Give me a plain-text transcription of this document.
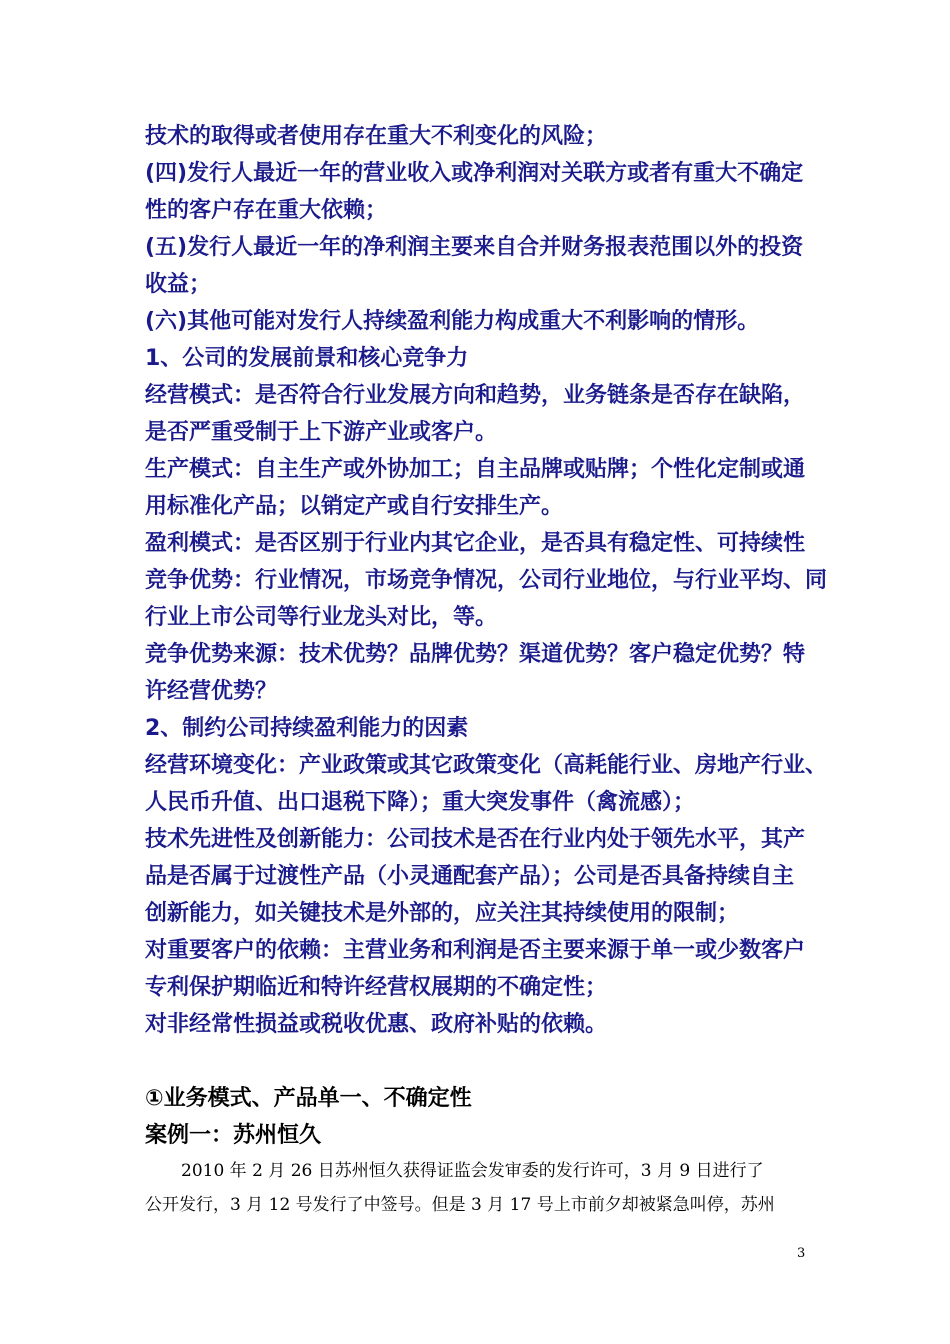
技术的取得或者使用存在重大不利变化的风险；
(四)发行人最近一年的营业收入或净利润对关联方或者有重大不确定
性的客户存在重大依赖；
(五)发行人最近一年的净利润主要来自合并财务报表范围以外的投资
收益；
(六)其他可能对发行人持续盈利能力构成重大不利影响的情形。
1、公司的发展前景和核心竞争力
经营模式：是否符合行业发展方向和趋势，业务链条是否存在缺陷，
是否严重受制于上下游产业或客户。
生产模式：自主生产或外协加工；自主品牌或贴牌；个性化定制或通
用标准化产品；以销定产或自行安排生产。
盈利模式：是否区别于行业内其它企业，是否具有稳定性、可持续性
竞争优势：行业情况，市场竞争情况，公司行业地位，与行业平均、同
行业上市公司等行业龙头对比，等。
竞争优势来源：技术优势？品牌优势？渠道优势？客户稳定优势？特
许经营优势？
2、制约公司持续盈利能力的因素
经营环境变化：产业政策或其它政策变化（高耗能行业、房地产行业、
人民币升值、出口退税下降）；重大突发事件（禽流感）；
技术先进性及创新能力：公司技术是否在行业内处于领先水平，其产
品是否属于过渡性产品（小灵通配套产品）；公司是否具备持续自主
创新能力，如关键技术是外部的，应关注其持续使用的限制；
对重要客户的依赖：主营业务和利润是否主要来源于单一或少数客户
专利保护期临近和特许经营权展期的不确定性；
对非经常性损益或税收优惠、政府补贴的依赖。
①业务模式、产品单一、不确定性
案例一：苏州恒久
2010 年 2 月 26 日苏州恒久获得证监会发审委的发行许可，3 月 9 日进行了
公开发行，3 月 12 号发行了中签号。但是 3 月 17 号上市前夕却被紧急叫停，苏州
3
